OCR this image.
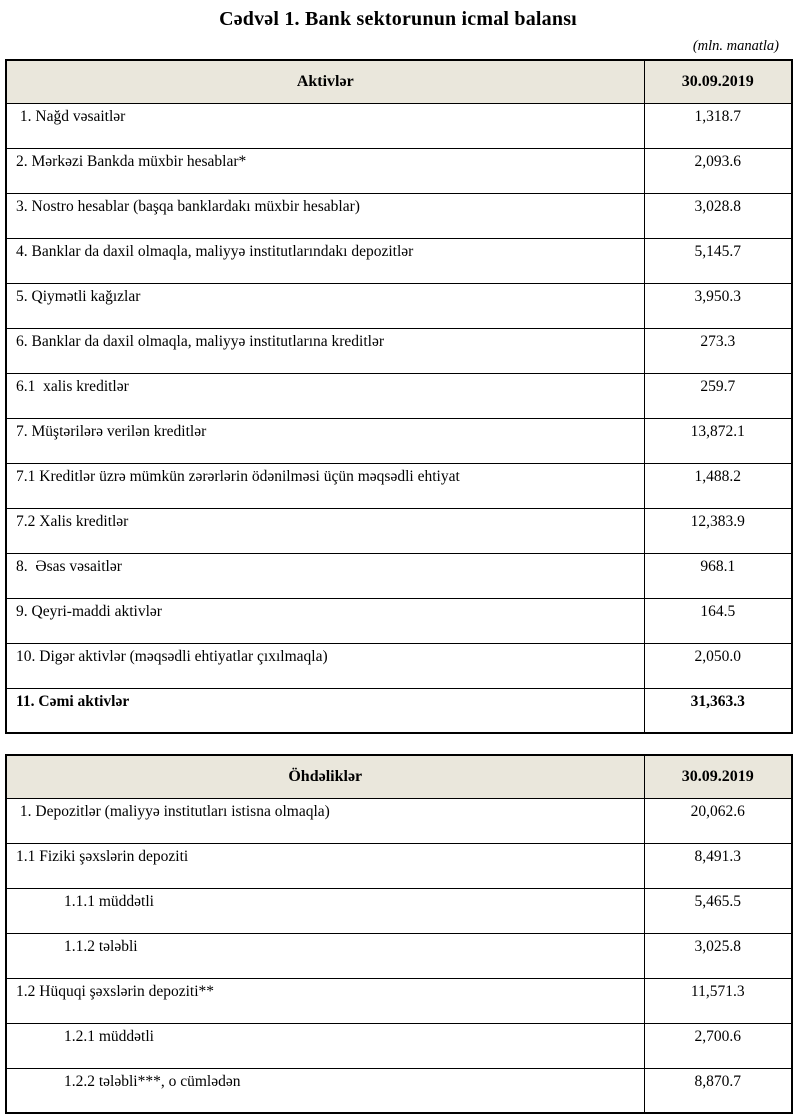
Cədvəl 1. Bank sektorunun icmal balansı
(mln. manatla)
Aktivlər	30.09.2019
1. Nağd vəsaitlər	1,318.7
2. Mərkəzi Bankda müxbir hesablar*	2,093.6
3. Nostro hesablar (başqa banklardakı müxbir hesablar)	3,028.8
4. Banklar da daxil olmaqla, maliyyə institutlarındakı depozitlər	5,145.7
5. Qiymətli kağızlar	3,950.3
6. Banklar da daxil olmaqla, maliyyə institutlarına kreditlər	273.3
6.1  xalis kreditlər	259.7
7. Müştərilərə verilən kreditlər	13,872.1
7.1 Kreditlər üzrə mümkün zərərlərin ödənilməsi üçün məqsədli ehtiyat	1,488.2
7.2 Xalis kreditlər	12,383.9
8.  Əsas vəsaitlər	968.1
9. Qeyri-maddi aktivlər	164.5
10. Digər aktivlər (məqsədli ehtiyatlar çıxılmaqla)	2,050.0
11. Cəmi aktivlər	31,363.3
Öhdəliklər	30.09.2019
1. Depozitlər (maliyyə institutları istisna olmaqla)	20,062.6
1.1 Fiziki şəxslərin depoziti	8,491.3
1.1.1 müddətli	5,465.5
1.1.2 tələbli	3,025.8
1.2 Hüquqi şəxslərin depoziti**	11,571.3
1.2.1 müddətli	2,700.6
1.2.2 tələbli***, o cümlədən	8,870.7
